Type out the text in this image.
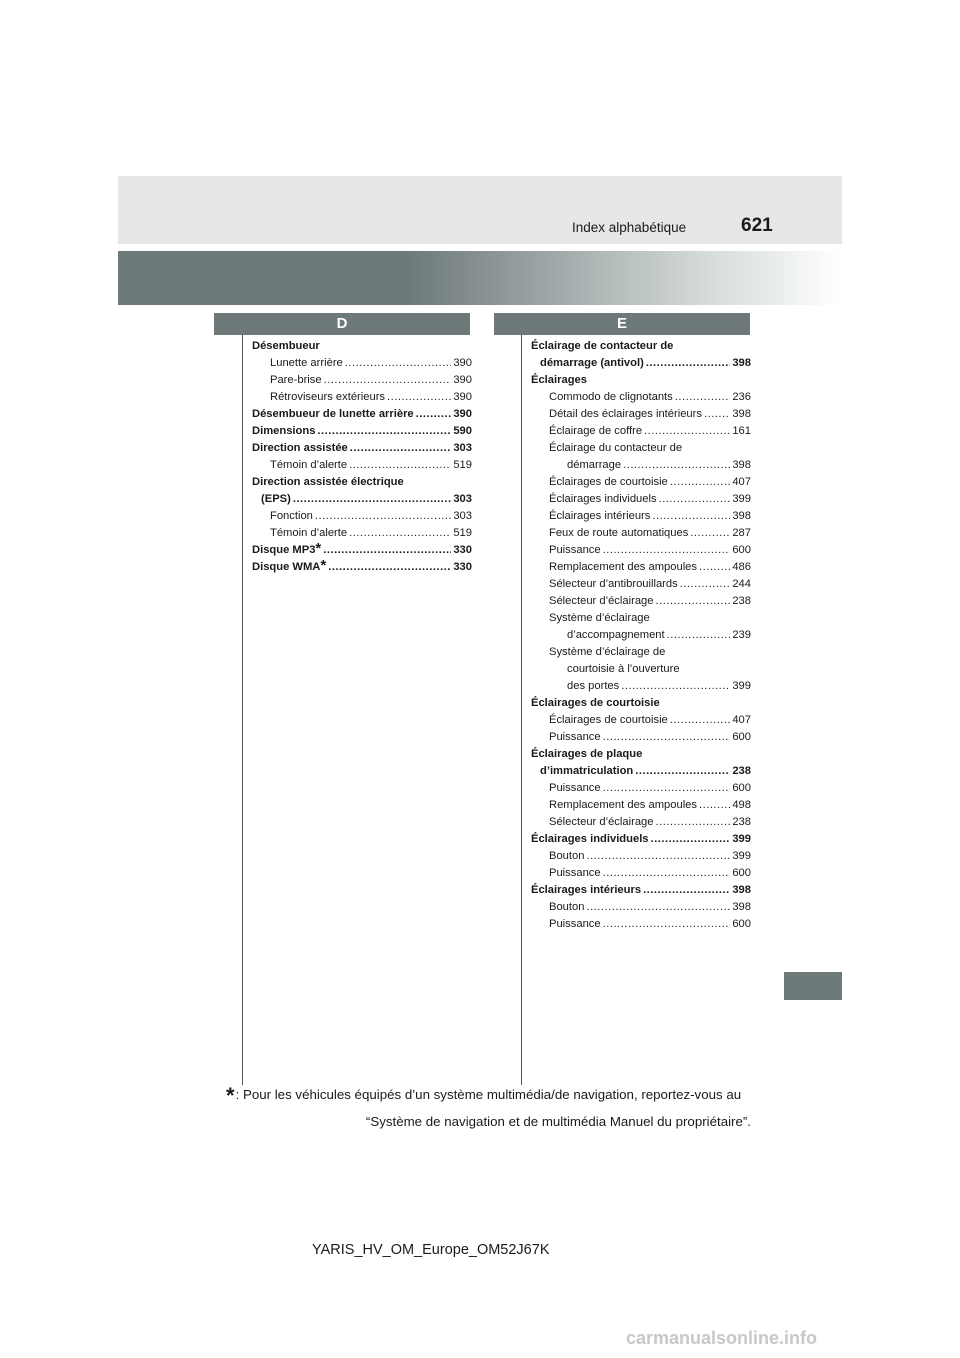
621
Index alphabétique
D	E
Désembueur
Lunette arrière .....	390
Pare-brise .....	390
Rétroviseurs extérieurs .....	390
Désembueur de lunette arrière .....	390
Dimensions .....	590
Direction assistée .....	303
Témoin d’alerte .....	519
Direction assistée électrique
(EPS) .....	303
Fonction .....	303
Témoin d’alerte .....	519
Disque MP3 * .....	330
Disque WMA * .....	330
Éclairage de contacteur de
démarrage (antivol) .....	398
Éclairages
Commodo de clignotants .....	236
Détail des éclairages intérieurs .....	398
Éclairage de coffre .....	161
Éclairage du contacteur de
démarrage .....	398
Éclairages de courtoisie .....	407
Éclairages individuels .....	399
Éclairages intérieurs .....	398
Feux de route automatiques .....	287
Puissance .....	600
Remplacement des ampoules .....	486
Sélecteur d’antibrouillards .....	244
Sélecteur d’éclairage .....	238
Système d’éclairage
d’accompagnement .....	239
Système d’éclairage de
courtoisie à l’ouverture
des portes .....	399
Éclairages de courtoisie
Éclairages de courtoisie .....	407
Puissance .....	600
Éclairages de plaque
d’immatriculation .....	238
Puissance .....	600
Remplacement des ampoules .....	498
Sélecteur d’éclairage .....	238
Éclairages individuels .....	399
Bouton .....	399
Puissance .....	600
Éclairages intérieurs .....	398
Bouton .....	398
Puissance .....	600
*: Pour les véhicules équipés d’un système multimédia/de navigation, reportez-vous au
“Système de navigation et de multimédia Manuel du propriétaire”.
YARIS_HV_OM_Europe_OM52J67K
carmanualsonline.info
